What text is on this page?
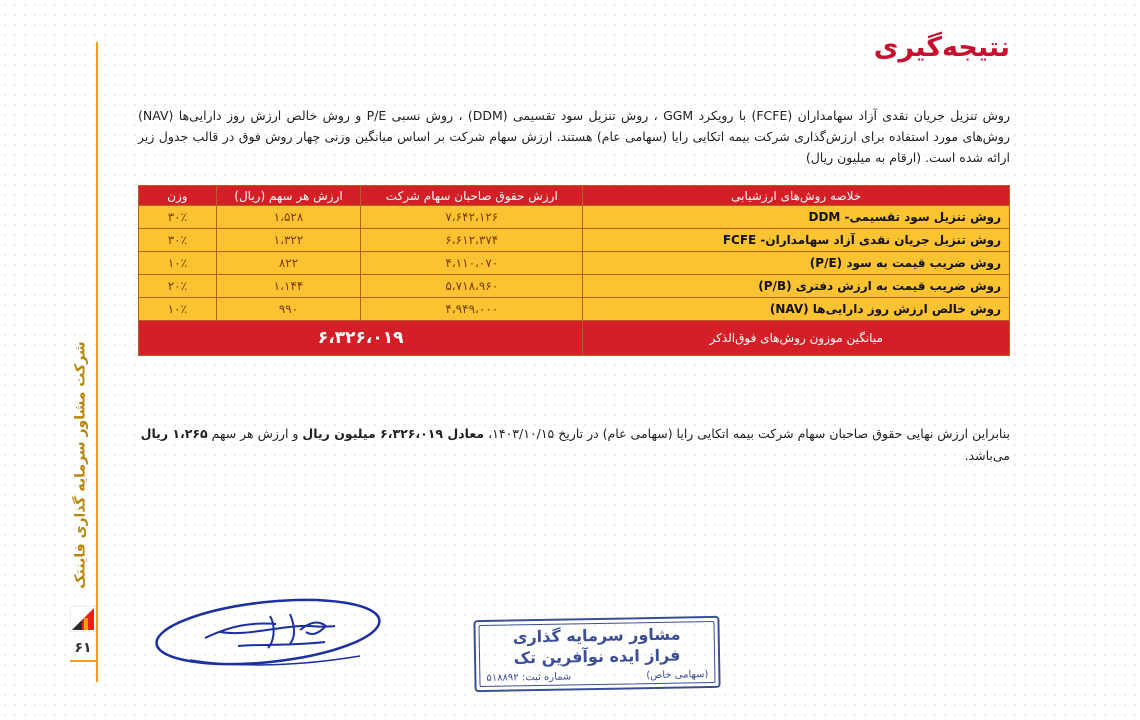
شرکت مشاور سرمایه گذاری فاینتک
۶۱
نتیجه‌گیری

روش تنزیل جریان نقدی آزاد سهامداران (FCFE) با رویکرد GGM ، روش تنزیل سود تقسیمی (DDM) ، روش نسبی P/E و روش خالص ارزش روز دارایی‌ها (NAV) روش‌های مورد استفاده برای ارزش‌گذاری شرکت بیمه اتکایی رایا (سهامی عام) هستند. ارزش سهام شرکت بر اساس میانگین وزنی چهار روش فوق در قالب جدول زیر ارائه شده است. (ارقام به میلیون ریال)

خلاصه روش‌های ارزشیابی	ارزش حقوق صاحبان سهام شرکت	ارزش هر سهم (ریال)	وزن
روش تنزیل سود تقسیمی- DDM	۷،۶۴۲،۱۲۶	۱،۵۲۸	۳۰٪
روش تنزیل جریان نقدی آزاد سهامداران- FCFE	۶،۶۱۲،۳۷۴	۱،۳۲۲	۳۰٪
روش ضریب قیمت به سود (P/E)	۴،۱۱۰،۰۷۰	۸۲۲	۱۰٪
روش ضریب قیمت به ارزش دفتری (P/B)	۵،۷۱۸،۹۶۰	۱،۱۴۴	۲۰٪
روش خالص ارزش روز دارایی‌ها (NAV)	۴،۹۴۹،۰۰۰	۹۹۰	۱۰٪
میانگین موزون روش‌های فوق‌الذکر	۶،۳۲۶،۰۱۹		

بنابراین ارزش نهایی حقوق صاحبان سهام شرکت بیمه اتکایی رایا (سهامی عام) در تاریخ ۱۴۰۳/۱۰/۱۵، معادل ۶،۳۲۶،۰۱۹ میلیون ریال و ارزش هر سهم ۱،۲۶۵ ریال می‌باشد.

مشاور سرمایه گذاری
فراز ایده نوآفرین تک
(سهامی خاص)
شماره ثبت: ۵۱۸۸۹۲
